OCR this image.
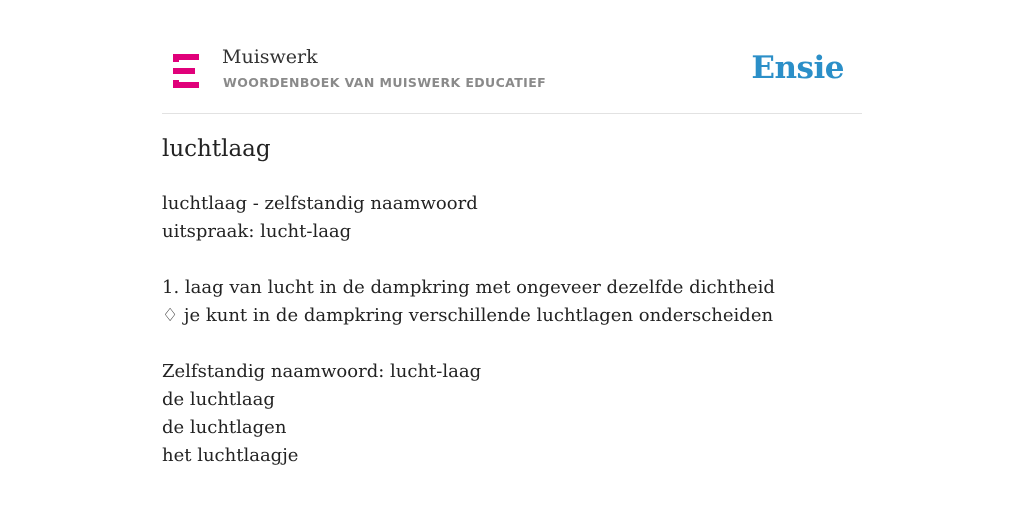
Muiswerk
WOORDENBOEK VAN MUISWERK EDUCATIEF	Ensie
luchtlaag
luchtlaag - zelfstandig naamwoord
uitspraak: lucht-laag
1. laag van lucht in de dampkring met ongeveer dezelfde dichtheid
♢ je kunt in de dampkring verschillende luchtlagen onderscheiden
Zelfstandig naamwoord: lucht-laag
de luchtlaag
de luchtlagen
het luchtlaagje
